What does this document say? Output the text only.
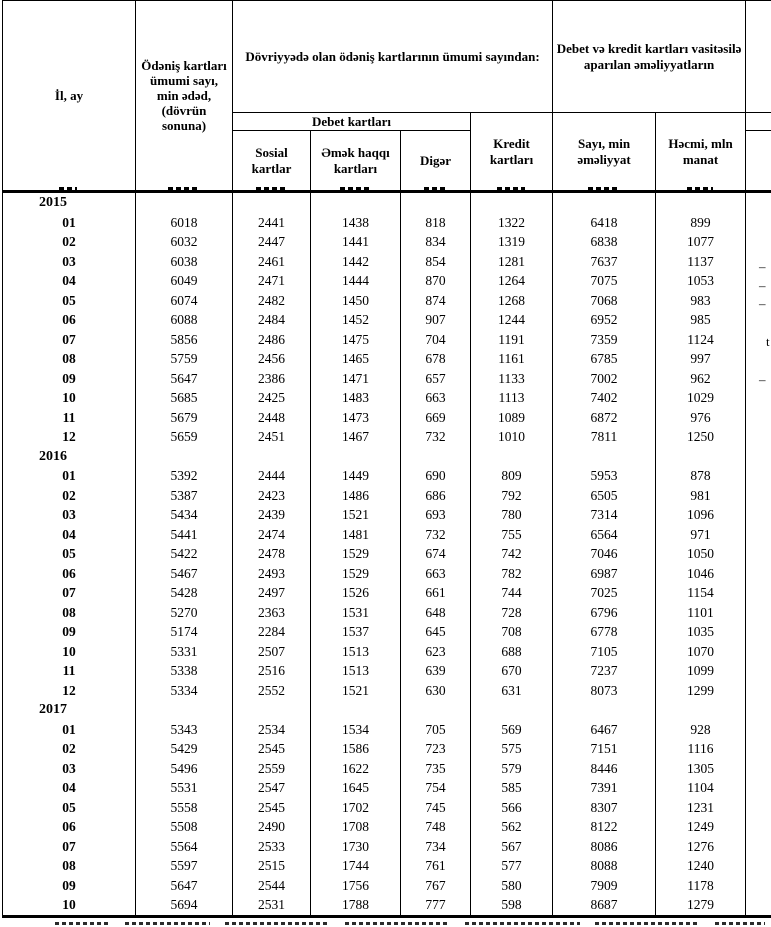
İl, ay	Ödəniş kartları ümumi sayı, min ədəd, (dövrün sonuna)	Dövriyyədə olan ödəniş kartlarının ümumi sayından:				Debet və kredit kartları vasitəsilə aparılan əməliyyatların		
		Debet kartları			Kredit kartları	Sayı, min əməliyyat	Həcmi, mln manat	
		Sosial kartlar	Əmək haqqı kartları	Digər				
2015								
01	6018	2441	1438	818	1322	6418	899	
02	6032	2447	1441	834	1319	6838	1077	
03	6038	2461	1442	854	1281	7637	1137	
04	6049	2471	1444	870	1264	7075	1053	
05	6074	2482	1450	874	1268	7068	983	
06	6088	2484	1452	907	1244	6952	985	
07	5856	2486	1475	704	1191	7359	1124	
08	5759	2456	1465	678	1161	6785	997	
09	5647	2386	1471	657	1133	7002	962	
10	5685	2425	1483	663	1113	7402	1029	
11	5679	2448	1473	669	1089	6872	976	
12	5659	2451	1467	732	1010	7811	1250	
2016								
01	5392	2444	1449	690	809	5953	878	
02	5387	2423	1486	686	792	6505	981	
03	5434	2439	1521	693	780	7314	1096	
04	5441	2474	1481	732	755	6564	971	
05	5422	2478	1529	674	742	7046	1050	
06	5467	2493	1529	663	782	6987	1046	
07	5428	2497	1526	661	744	7025	1154	
08	5270	2363	1531	648	728	6796	1101	
09	5174	2284	1537	645	708	6778	1035	
10	5331	2507	1513	623	688	7105	1070	
11	5338	2516	1513	639	670	7237	1099	
12	5334	2552	1521	630	631	8073	1299	
2017								
01	5343	2534	1534	705	569	6467	928	
02	5429	2545	1586	723	575	7151	1116	
03	5496	2559	1622	735	579	8446	1305	
04	5531	2547	1645	754	585	7391	1104	
05	5558	2545	1702	745	566	8307	1231	
06	5508	2490	1708	748	562	8122	1249	
07	5564	2533	1730	734	567	8086	1276	
08	5597	2515	1744	761	577	8088	1240	
09	5647	2544	1756	767	580	7909	1178	
10	5694	2531	1788	777	598	8687	1279	
–
–
–
t
–
